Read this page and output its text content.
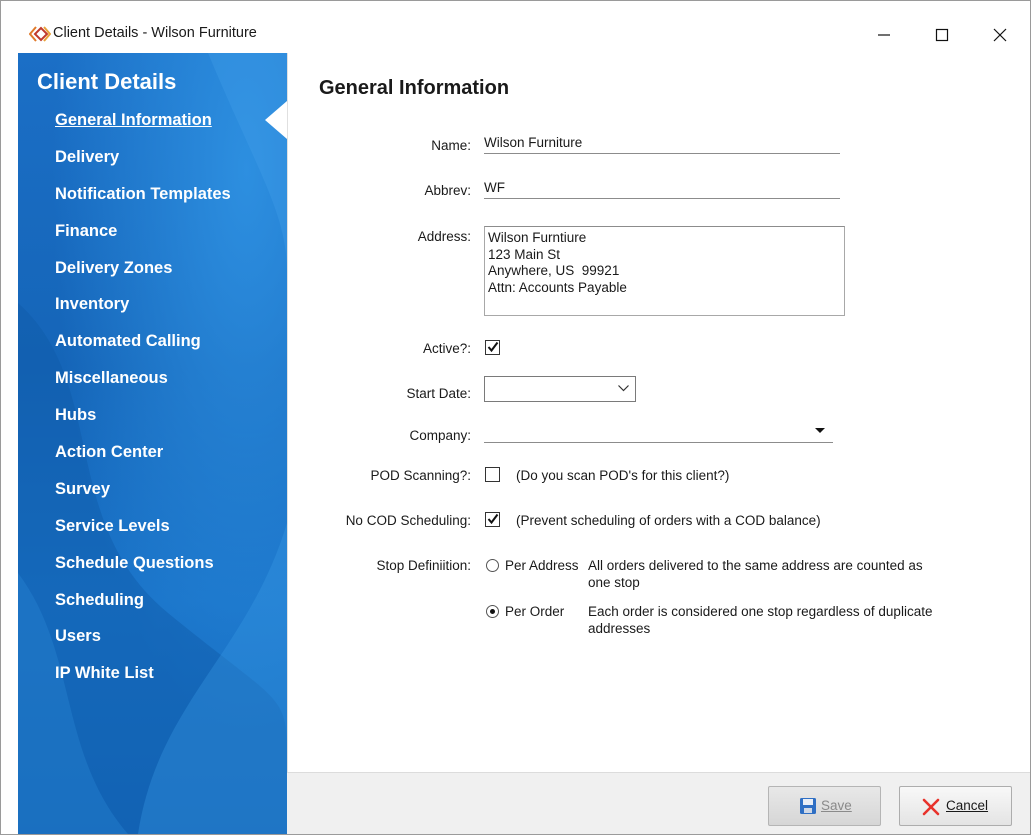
Client Details - Wilson Furniture
Client Details
General Information
Delivery
Notification Templates
Finance
Delivery Zones
Inventory
Automated Calling
Miscellaneous
Hubs
Action Center
Survey
Service Levels
Schedule Questions
Scheduling
Users
IP White List
General Information
Name: Wilson Furniture
Abbrev: WF
Address: Wilson Furntiure
123 Main St
Anywhere, US  99921
Attn: Accounts Payable
Active?:
Start Date:
Company:
POD Scanning?:	(Do you scan POD's for this client?)
No COD Scheduling:	(Prevent scheduling of orders with a COD balance)
Stop Definiition:	Per Address All orders delivered to the same address are counted as one stop
Per Order Each order is considered one stop regardless of duplicate addresses
Save	Cancel
